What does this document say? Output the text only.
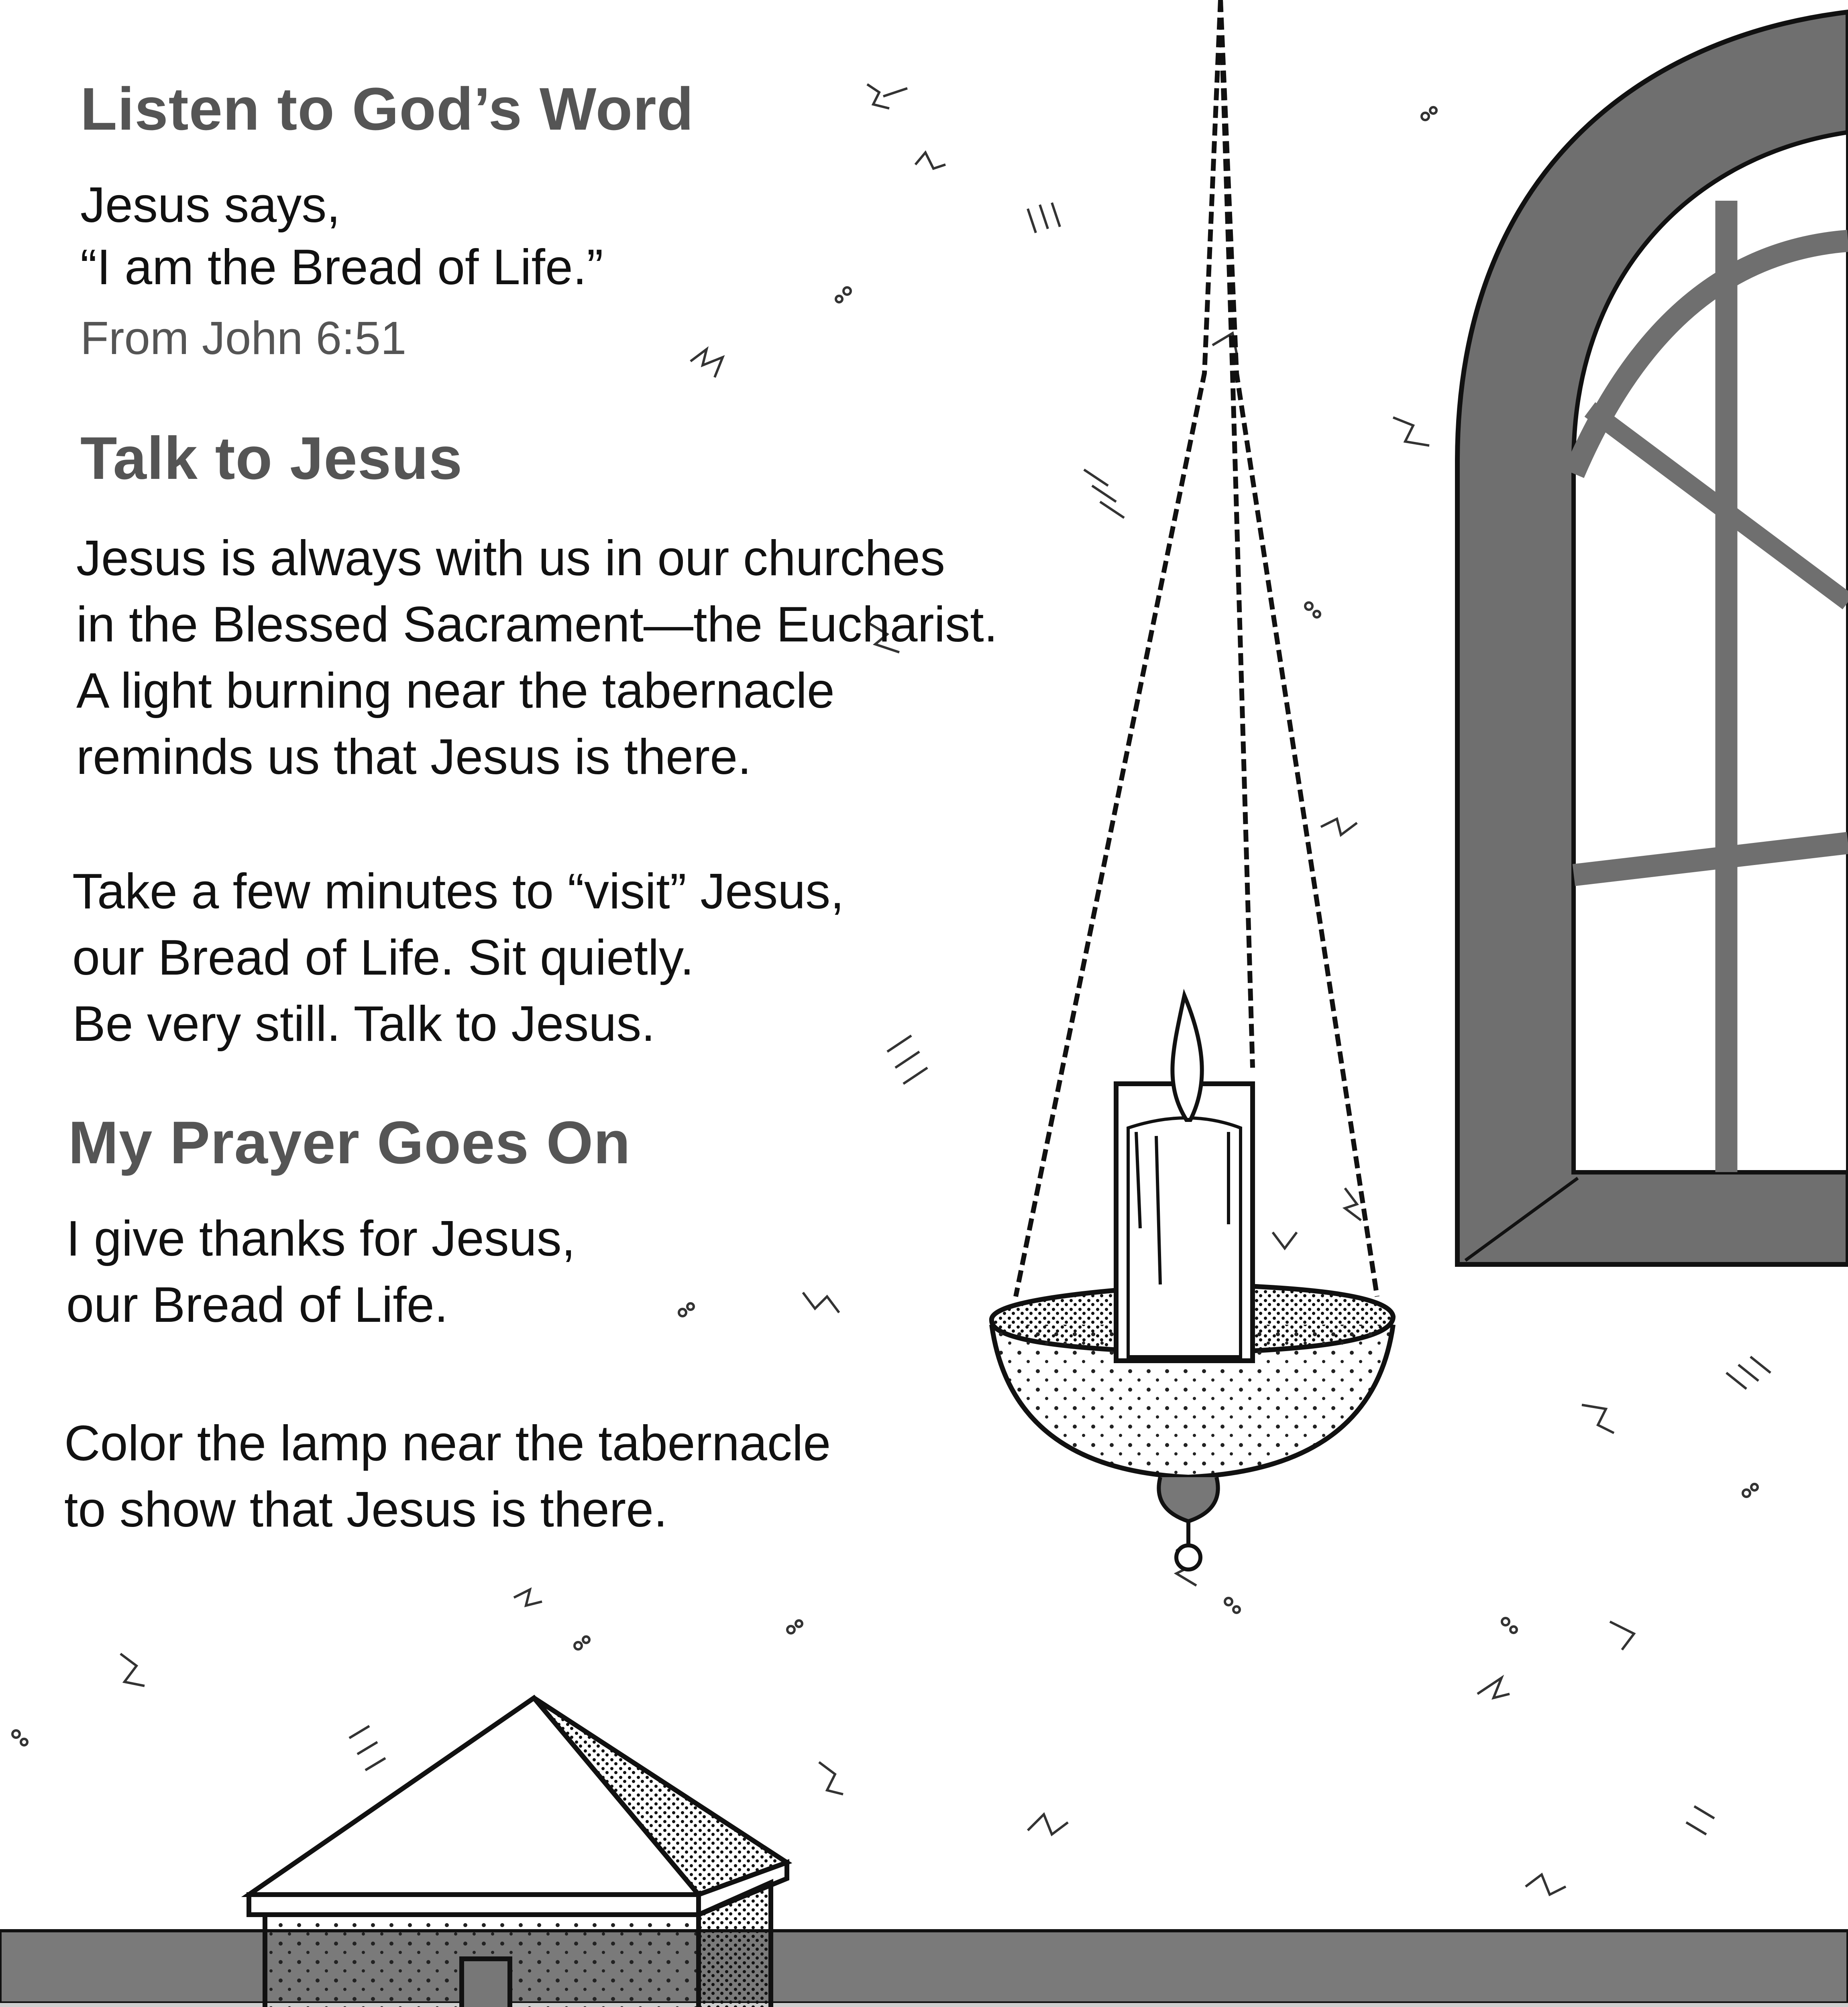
Listen to God’s Word

Jesus says,

“I am the Bread of Life.”

From John 6:51

Talk to Jesus

Jesus is always with us in our churches

in the Blessed Sacrament—the Eucharist.

A light burning near the tabernacle

reminds us that Jesus is there.

Take a few minutes to “visit” Jesus,

our Bread of Life. Sit quietly.

Be very still. Talk to Jesus.

My Prayer Goes On

I give thanks for Jesus,

our Bread of Life.

Color the lamp near the tabernacle

to show that Jesus is there.
